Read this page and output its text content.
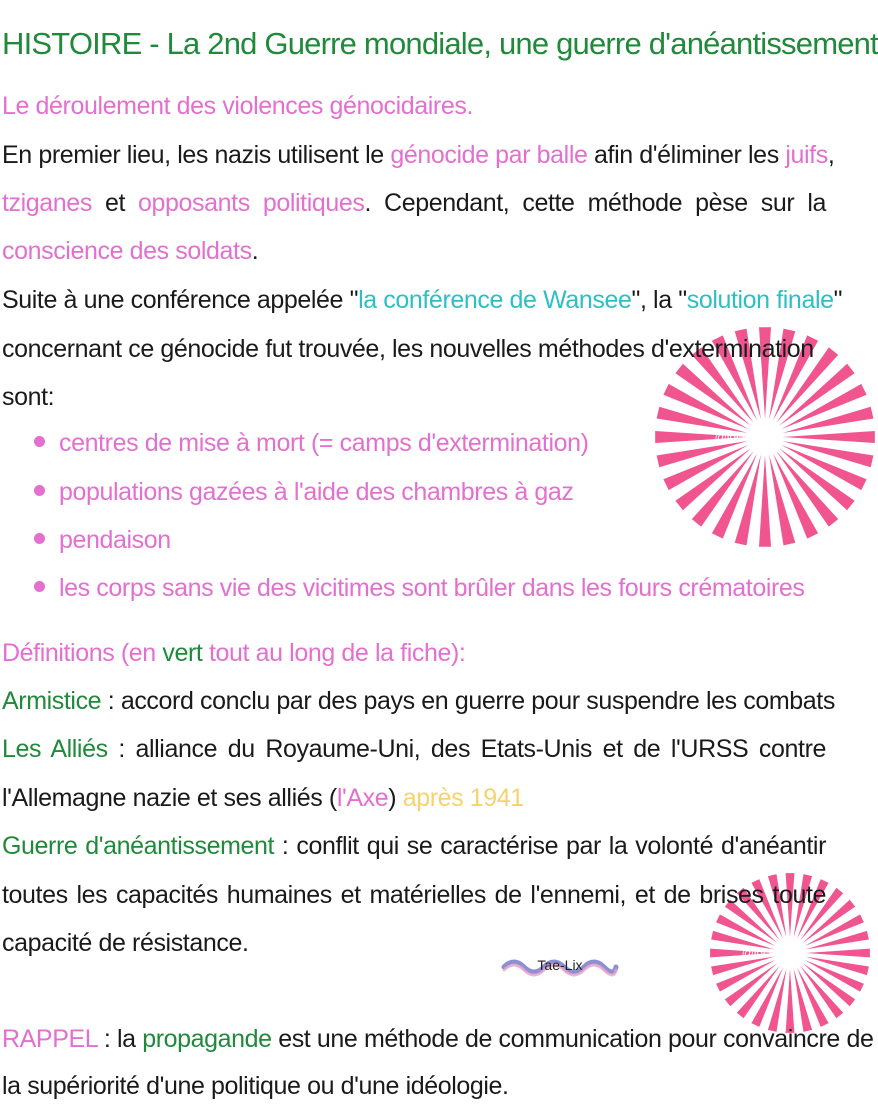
@luciole_
@luciole_
HISTOIRE - La 2nd Guerre mondiale, une guerre d'anéantissement
Le déroulement des violences génocidaires.
En premier lieu, les nazis utilisent le génocide par balle afin d'éliminer les juifs,
tziganes et opposants politiques. Cependant, cette méthode pèse sur la
conscience des soldats.
Suite à une conférence appelée "la conférence de Wansee", la "solution finale"
concernant ce génocide fut trouvée, les nouvelles méthodes d'extermination
sont:
centres de mise à mort (= camps d'extermination)
populations gazées à l'aide des chambres à gaz
pendaison
les corps sans vie des vicitimes sont brûler dans les fours crématoires
Définitions (en vert tout au long de la fiche):
Armistice : accord conclu par des pays en guerre pour suspendre les combats
Les Alliés : alliance du Royaume-Uni, des Etats-Unis et de l'URSS contre
l'Allemagne nazie et ses alliés (l'Axe) après 1941
Guerre d'anéantissement : conflit qui se caractérise par la volonté d'anéantir
toutes les capacités humaines et matérielles de l'ennemi, et de brises toute
capacité de résistance.
Tae-Lix
RAPPEL : la propagande est une méthode de communication pour convaincre de
la supériorité d'une politique ou d'une idéologie.
